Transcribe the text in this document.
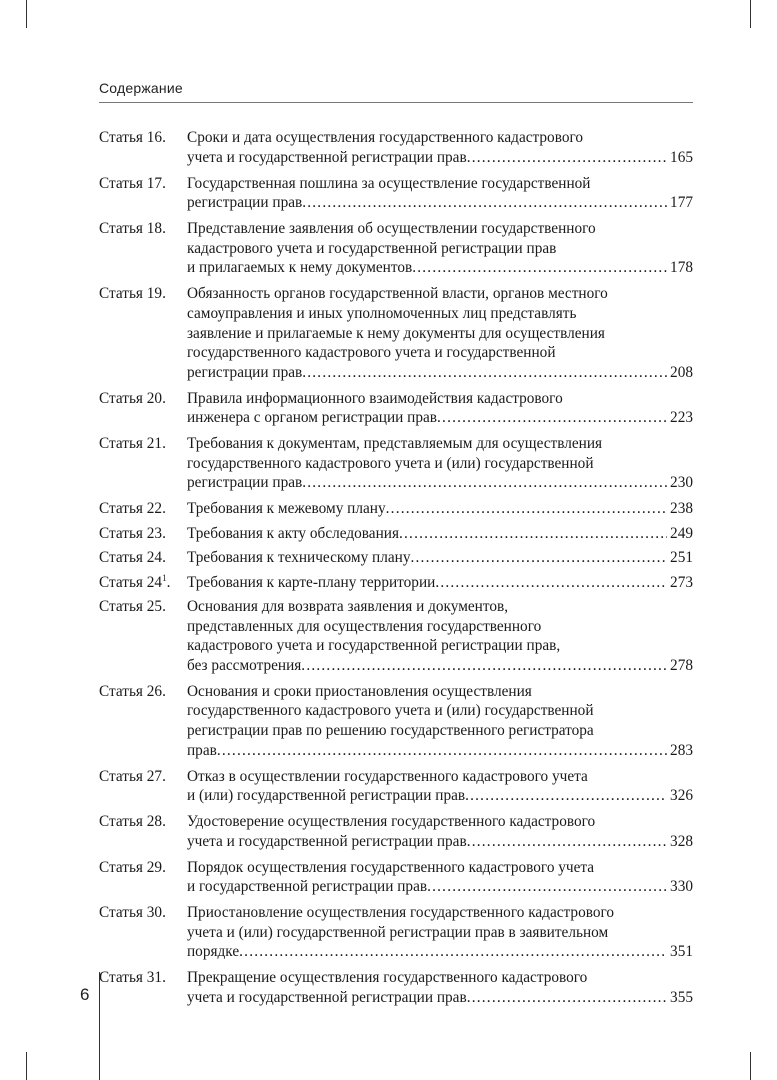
Содержание
Статья 16.	Сроки и дата осуществления государственного кадастрового
учета и государственной регистрации прав .....	165
Статья 17.	Государственная пошлина за осуществление государственной
регистрации прав .....	177
Статья 18.	Представление заявления об осуществлении государственного
кадастрового учета и государственной регистрации прав
и прилагаемых к нему документов .....	178
Статья 19.	Обязанность органов государственной власти, органов местного
самоуправления и иных уполномоченных лиц представлять
заявление и прилагаемые к нему документы для осуществления
государственного кадастрового учета и государственной
регистрации прав .....	208
Статья 20.	Правила информационного взаимодействия кадастрового
инженера с органом регистрации прав .....	223
Статья 21.	Требования к документам, представляемым для осуществления
государственного кадастрового учета и (или) государственной
регистрации прав .....	230
Статья 22.	Требования к межевому плану .....	238
Статья 23.	Требования к акту обследования .....	249
Статья 24.	Требования к техническому плану .....	251
Статья $24^1$.	Требования к карте-плану территории .....	273
Статья 25.	Основания для возврата заявления и документов,
представленных для осуществления государственного
кадастрового учета и государственной регистрации прав,
без рассмотрения .....	278
Статья 26.	Основания и сроки приостановления осуществления
государственного кадастрового учета и (или) государственной
регистрации прав по решению государственного регистратора
прав .....	283
Статья 27.	Отказ в осуществлении государственного кадастрового учета
и (или) государственной регистрации прав .....	326
Статья 28.	Удостоверение осуществления государственного кадастрового
учета и государственной регистрации прав .....	328
Статья 29.	Порядок осуществления государственного кадастрового учета
и государственной регистрации прав .....	330
Статья 30.	Приостановление осуществления государственного кадастрового
учета и (или) государственной регистрации прав в заявительном
порядке .....	351
Статья 31.	Прекращение осуществления государственного кадастрового
учета и государственной регистрации прав .....	355
6
